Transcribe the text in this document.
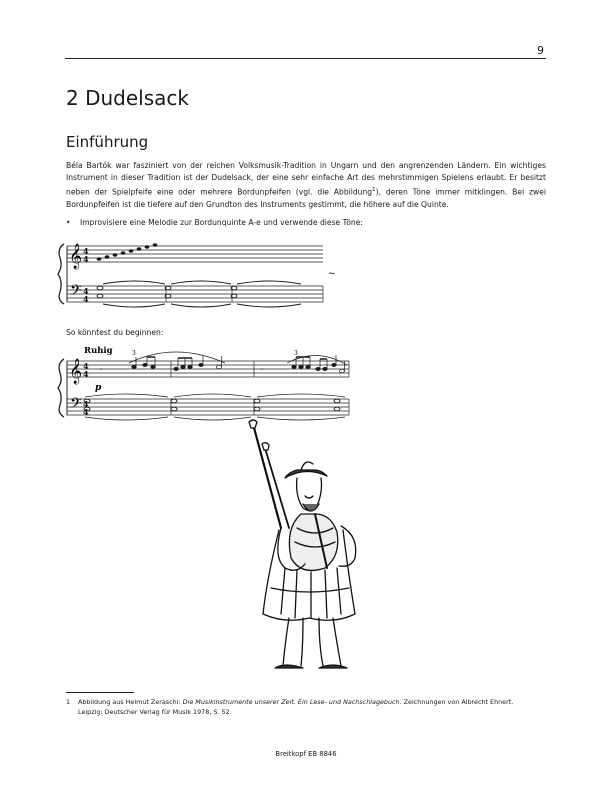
9
2 Dudelsack
Einführung
Béla Bartók war fasziniert von der reichen Volksmusik-Tradition in Ungarn und den angrenzenden Ländern. Ein wichtiges Instrument in dieser Tradition ist der Dudelsack, der eine sehr einfache Art des mehrstimmigen Spielens erlaubt. Er besitzt neben der Spielpfeife eine oder mehrere Bordunpfeifen (vgl. die Abbildung$^1$), deren Töne immer mitklingen. Bei zwei Bordunpfeifen ist die tiefere auf den Grundton des Instruments gestimmt, die höhere auf die Quinte.
• Improvisiere eine Melodie zur Bordunquinte A-e und verwende diese Töne:
𝄞
𝄢
4
4
4
4
~
So könntest du beginnen:
Ruhig
𝄞
𝄢
4
4
4
4
p
3	3
𝄼	𝄼
1 Abbildung aus Helmut Zeraschi: Die Musikinstrumente unserer Zeit. Ein Lese- und Nachschlagebuch. Zeichnungen von Albrecht Ehnert.
Leipzig: Deutscher Verlag für Musik 1978, S. 52.
Breitkopf EB 8846
